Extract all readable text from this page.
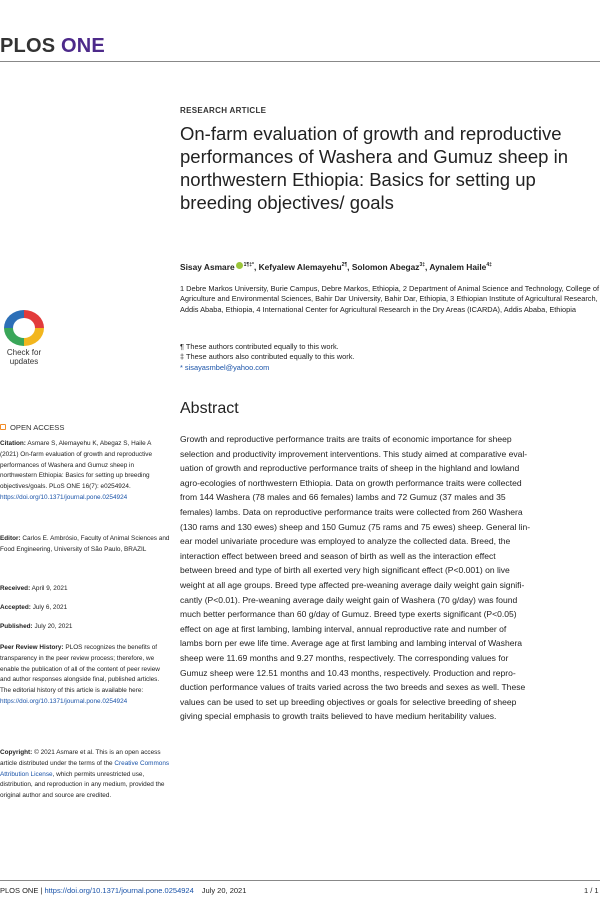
PLOS ONE
Check for updates
OPEN ACCESS
Citation: Asmare S, Alemayehu K, Abegaz S, Haile A (2021) On-farm evaluation of growth and reproductive performances of Washera and Gumuz sheep in northwestern Ethiopia: Basics for setting up breeding objectives/goals. PLoS ONE 16(7): e0254924. https://doi.org/10.1371/journal.pone.0254924
Editor: Carlos E. Ambrósio, Faculty of Animal Sciences and Food Engineering, University of São Paulo, BRAZIL
Received: April 9, 2021
Accepted: July 6, 2021
Published: July 20, 2021
Peer Review History: PLOS recognizes the benefits of transparency in the peer review process; therefore, we enable the publication of all of the content of peer review and author responses alongside final, published articles. The editorial history of this article is available here: https://doi.org/10.1371/journal.pone.0254924
Copyright: © 2021 Asmare et al. This is an open access article distributed under the terms of the Creative Commons Attribution License, which permits unrestricted use, distribution, and reproduction in any medium, provided the original author and source are credited.
RESEARCH ARTICLE
On-farm evaluation of growth and reproductive performances of Washera and Gumuz sheep in northwestern Ethiopia: Basics for setting up breeding objectives/ goals
Sisay Asmare $^{1\P\ddagger*}$, Kefyalew Alemayehu$^{2\P}$, Solomon Abegaz$^{3\ddagger}$, Aynalem Haile$^{4\ddagger}$
1 Debre Markos University, Burie Campus, Debre Markos, Ethiopia, 2 Department of Animal Science and Technology, College of Agriculture and Environmental Sciences, Bahir Dar University, Bahir Dar, Ethiopia, 3 Ethiopian Institute of Agricultural Research, Addis Ababa, Ethiopia, 4 International Center for Agricultural Research in the Dry Areas (ICARDA), Addis Ababa, Ethiopia
¶ These authors contributed equally to this work.
‡ These authors also contributed equally to this work.
* sisayasmbel@yahoo.com
Abstract
Growth and reproductive performance traits are traits of economic importance for sheep
selection and productivity improvement interventions. This study aimed at comparative eval-
uation of growth and reproductive performance traits of sheep in the highland and lowland
agro-ecologies of northwestern Ethiopia. Data on growth performance traits were collected
from 144 Washera (78 males and 66 females) lambs and 72 Gumuz (37 males and 35
females) lambs. Data on reproductive performance traits were collected from 260 Washera
(130 rams and 130 ewes) sheep and 150 Gumuz (75 rams and 75 ewes) sheep. General lin-
ear model univariate procedure was employed to analyze the collected data. Breed, the
interaction effect between breed and season of birth as well as the interaction effect
between breed and type of birth all exerted very high significant effect (P<0.001) on live
weight at all age groups. Breed type affected pre-weaning average daily weight gain signifi-
cantly (P<0.01). Pre-weaning average daily weight gain of Washera (70 g/day) was found
much better performance than 60 g/day of Gumuz. Breed type exerts significant (P<0.05)
effect on age at first lambing, lambing interval, annual reproductive rate and number of
lambs born per ewe life time. Average age at first lambing and lambing interval of Washera
sheep were 11.69 months and 9.27 months, respectively. The corresponding values for
Gumuz sheep were 12.51 months and 10.43 months, respectively. Production and repro-
duction performance values of traits varied across the two breeds and sexes as well. These
values can be used to set up breeding objectives or goals for selective breeding of sheep
giving special emphasis to growth traits believed to have medium heritability values.
PLOS ONE | https://doi.org/10.1371/journal.pone.0254924 July 20, 2021	1 / 1
